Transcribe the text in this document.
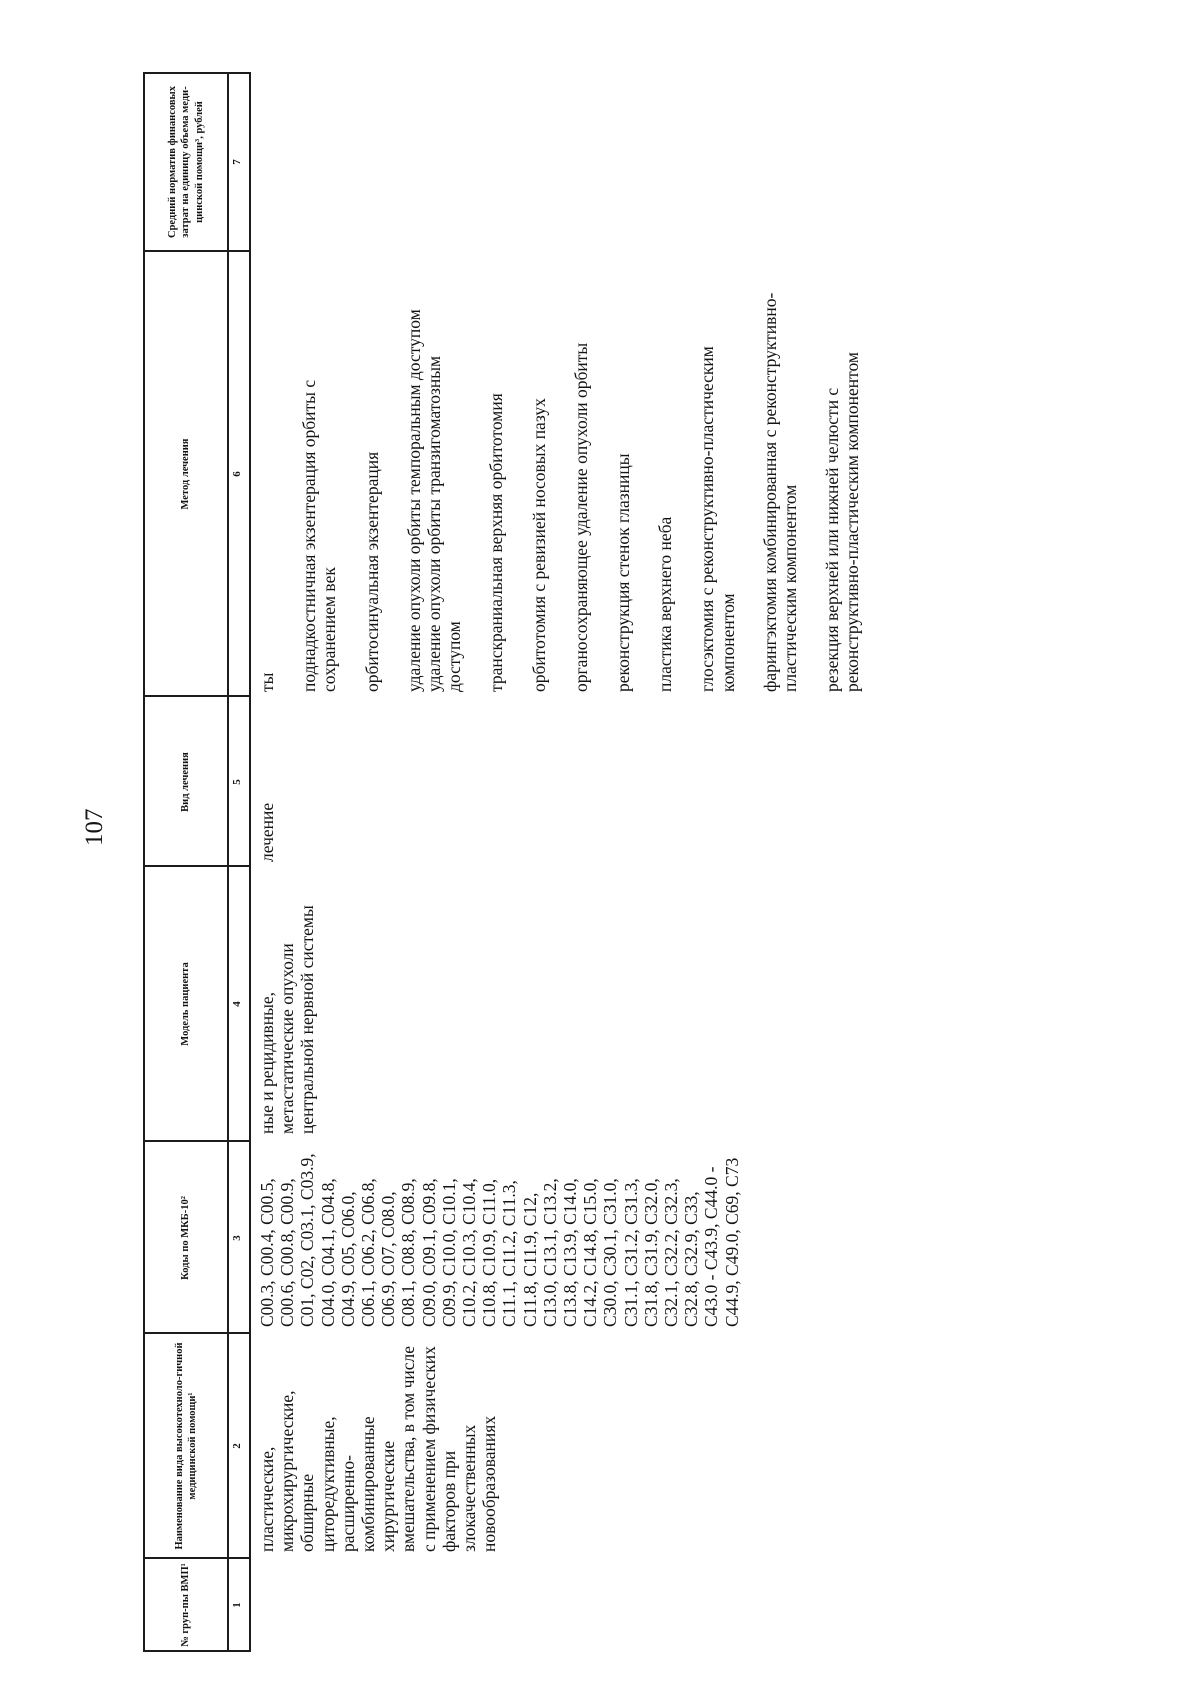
107
№ груп-пы ВМП¹
Наименование вида высокотехноло-гичной медицинской помощи¹
Коды по МКБ-10²
Модель пациента
Вид лечения
Метод лечения
Средний норматив финансовых затрат на единицу объема меди-цинской помощи³, рублей
1
2
3
4
5
6
7
пластические, микрохирургические, обширные циторедуктивные, расширенно-комбинированные хирургические вмешательства, в том числе с применением физических факторов при злокачественных новообразованиях
С00.3, С00.4, С00.5, С00.6, С00.8, С00.9, С01, С02, С03.1, С03.9, С04.0, С04.1, С04.8, С04.9, С05, С06.0, С06.1, С06.2, С06.8, С06.9, С07, С08.0, С08.1, С08.8, С08.9, С09.0, С09.1, С09.8, С09.9, С10.0, С10.1, С10.2, С10.3, С10.4, С10.8, С10.9, С11.0, С11.1, С11.2, С11.3, С11.8, С11.9, С12, С13.0, С13.1, С13.2, С13.8, С13.9, С14.0, С14.2, С14.8, С15.0, С30.0, С30.1, С31.0, С31.1, С31.2, С31.3, С31.8, С31.9, С32.0, С32.1, С32.2, С32.3, С32.8, С32.9, С33, С43.0 - С43.9, С44.0 - С44.9, С49.0, С69, С73
ные и рецидивные, метастатические опухоли центральной нервной системы
лечение

ты поднадкостничная экзентерация орбиты с сохранением век орбитосинуальная экзентерация удаление опухоли орбиты темпоральным доступом удаление опухоли орбиты транзигоматозным доступом транскраниальная верхняя орбитотомия орбитотомия с ревизией носовых пазух органосохраняющее удаление опухоли орбиты реконструкция стенок глазницы пластика верхнего неба глосэктомия с реконструктивно-пластическим компонентом фарингэктомия комбинированная с реконструктивно-пластическим компонентом резекция верхней или нижней челюсти с реконструктивно-пластическим компонентом
